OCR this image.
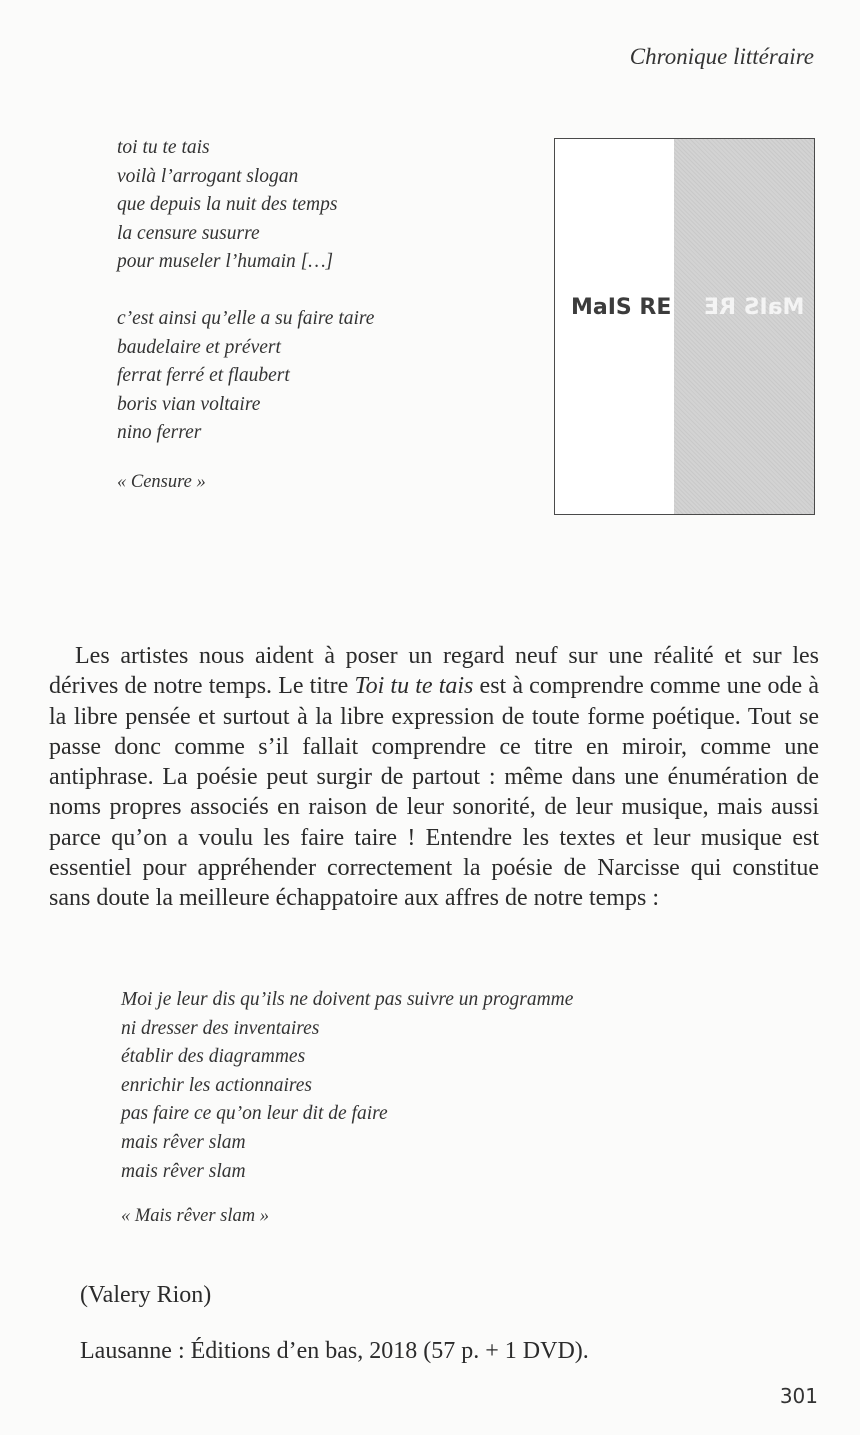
Chronique littéraire
toi tu te tais
voilà l’arrogant slogan
que depuis la nuit des temps
la censure susurre
pour museler l’humain […]
c’est ainsi qu’elle a su faire taire
baudelaire et prévert
ferrat ferré et flaubert
boris vian voltaire
nino ferrer
« Censure »
MaIS RE	MaIS RE
Les artistes nous aident à poser un regard neuf sur une réalité et sur les dérives de notre temps. Le titre Toi tu te tais est à comprendre comme une ode à la libre pensée et surtout à la libre expression de toute forme poétique. Tout se passe donc comme s’il fallait comprendre ce titre en miroir, comme une antiphrase. La poésie peut surgir de partout : même dans une énumération de noms propres associés en raison de leur sonorité, de leur musique, mais aussi parce qu’on a voulu les faire taire ! Entendre les textes et leur musique est essentiel pour appréhender correctement la poésie de Narcisse qui constitue sans doute la meilleure échappatoire aux affres de notre temps :
Moi je leur dis qu’ils ne doivent pas suivre un programme
ni dresser des inventaires
établir des diagrammes
enrichir les actionnaires
pas faire ce qu’on leur dit de faire
mais rêver slam
mais rêver slam
« Mais rêver slam »
(Valery Rion)
Lausanne : Éditions d’en bas, 2018 (57 p. + 1 DVD).
301
